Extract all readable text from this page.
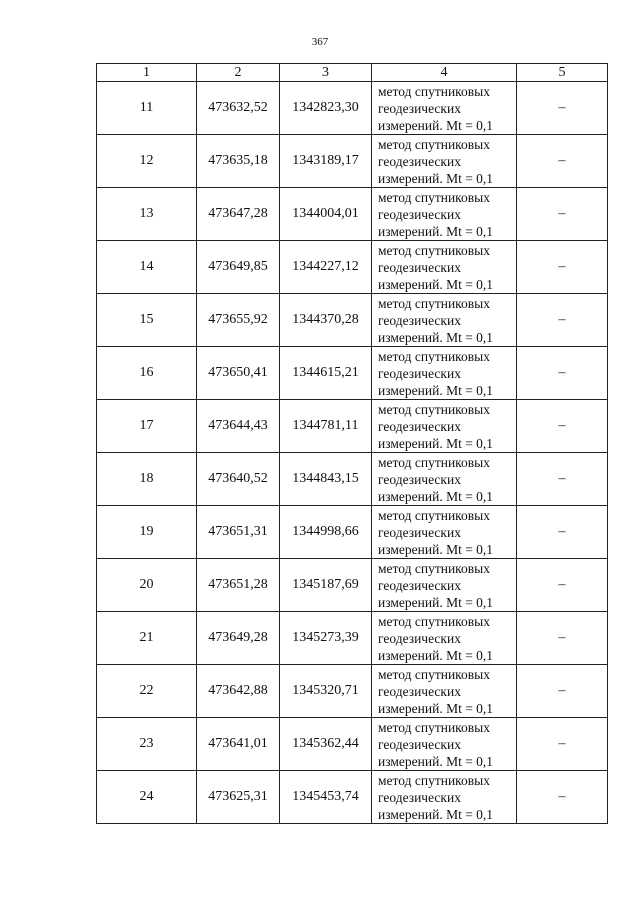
367
1	2	3	4	5
11	473632,52	1342823,30	метод спутниковых
геодезических
измерений. Mt = 0,1	–
12	473635,18	1343189,17	метод спутниковых
геодезических
измерений. Mt = 0,1	–
13	473647,28	1344004,01	метод спутниковых
геодезических
измерений. Mt = 0,1	–
14	473649,85	1344227,12	метод спутниковых
геодезических
измерений. Mt = 0,1	–
15	473655,92	1344370,28	метод спутниковых
геодезических
измерений. Mt = 0,1	–
16	473650,41	1344615,21	метод спутниковых
геодезических
измерений. Mt = 0,1	–
17	473644,43	1344781,11	метод спутниковых
геодезических
измерений. Mt = 0,1	–
18	473640,52	1344843,15	метод спутниковых
геодезических
измерений. Mt = 0,1	–
19	473651,31	1344998,66	метод спутниковых
геодезических
измерений. Mt = 0,1	–
20	473651,28	1345187,69	метод спутниковых
геодезических
измерений. Mt = 0,1	–
21	473649,28	1345273,39	метод спутниковых
геодезических
измерений. Mt = 0,1	–
22	473642,88	1345320,71	метод спутниковых
геодезических
измерений. Mt = 0,1	–
23	473641,01	1345362,44	метод спутниковых
геодезических
измерений. Mt = 0,1	–
24	473625,31	1345453,74	метод спутниковых
геодезических
измерений. Mt = 0,1	–
